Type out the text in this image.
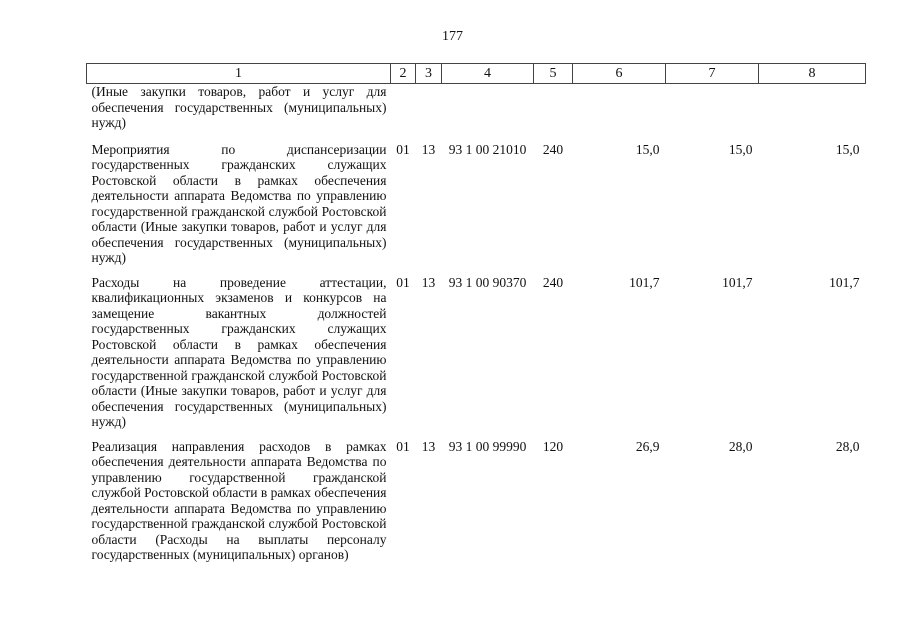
177
1	2	3	4	5	6	7	8
(Иные закупки товаров, работ и услуг для обеспечения государственных (муниципальных) нужд)							
Мероприятия по диспансеризации государственных гражданских служащих Ростовской области в рамках обеспечения деятельности аппарата Ведомства по управлению государственной гражданской службой Ростовской области (Иные закупки товаров, работ и услуг для обеспечения государственных (муниципальных) нужд)	01	13	93 1 00 21010	240	15,0	15,0	15,0
Расходы на проведение аттестации, квалификационных экзаменов и конкурсов на замещение вакантных должностей государственных гражданских служащих Ростовской области в рамках обеспечения деятельности аппарата Ведомства по управлению государственной гражданской службой Ростовской области (Иные закупки товаров, работ и услуг для обеспечения государственных (муниципальных) нужд)	01	13	93 1 00 90370	240	101,7	101,7	101,7
Реализация направления расходов в рамках обеспечения деятельности аппарата Ведомства по управлению государственной гражданской службой Ростовской области в рамках обеспечения деятельности аппарата Ведомства по управлению государственной гражданской службой Ростовской области (Расходы на выплаты персоналу государственных (муниципальных) органов)	01	13	93 1 00 99990	120	26,9	28,0	28,0
